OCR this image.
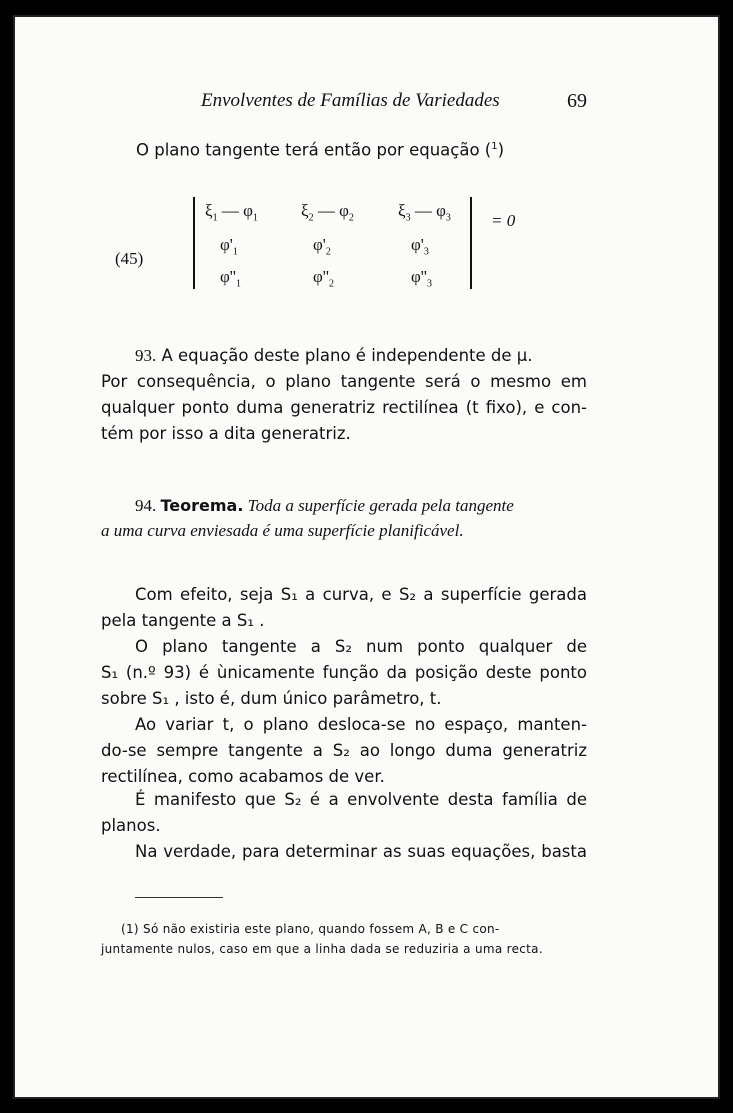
Envolventes de Famílias de Variedades	69
O plano tangente terá então por equação ($^1$)
(45)
$\xi_1$ — $\varphi_1$	$\xi_2$ — $\varphi_2$	$\xi_3$ — $\varphi_3$
$\varphi'_1$	$\varphi'_2$	$\varphi'_3$
$\varphi''_1$	$\varphi''_2$	$\varphi''_3$
= 0
93. A equação deste plano é independente de μ.
Por consequência, o plano tangente será o mesmo em
qualquer ponto duma generatriz rectilínea (t fixo), e con-
tém por isso a dita generatriz.
94. Teorema. Toda a superfície gerada pela tangente
a uma curva enviesada é uma superfície planificável.
Com efeito, seja S₁ a curva, e S₂ a superfície gerada
pela tangente a S₁ .
O plano tangente a S₂ num ponto qualquer de
S₁ (n.º 93) é ùnicamente função da posição deste ponto
sobre S₁ , isto é, dum único parâmetro, t.
Ao variar t, o plano desloca-se no espaço, manten-
do-se sempre tangente a S₂ ao longo duma generatriz
rectilínea, como acabamos de ver.
É manifesto que S₂ é a envolvente desta família de
planos.
Na verdade, para determinar as suas equações, basta
(1) Só não existiria este plano, quando fossem A, B e C con-
juntamente nulos, caso em que a linha dada se reduziria a uma recta.
